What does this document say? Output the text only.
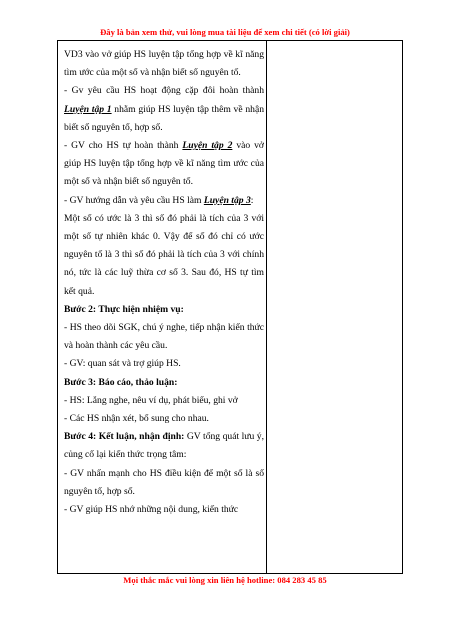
Đây là bản xem thử, vui lòng mua tài liệu để xem chi tiết (có lời giải)

VD3 vào vở giúp HS luyện tập tổng hợp về kĩ năng tìm ước của một số và nhận biết số nguyên tố.

- Gv yêu cầu HS hoạt động cặp đôi hoàn thành Luyện tập 1 nhằm giúp HS luyện tập thêm về nhận biết số nguyên tố, hợp số.

- GV cho HS tự hoàn thành Luyện tập 2 vào vở giúp HS luyện tập tổng hợp về kĩ năng tìm ước của một số và nhận biết số nguyên tố.

- GV hướng dẫn và yêu cầu HS làm Luyện tập 3:

Một số có ước là 3 thì số đó phải là tích của 3 với một số tự nhiên khác 0. Vậy để số đó chỉ có ước nguyên tố là 3 thì số đó phải là tích của 3 với chính nó, tức là các luỹ thừa cơ số 3. Sau đó, HS tự tìm kết quả.

Bước 2: Thực hiện nhiệm vụ:

- HS theo dõi SGK, chú ý nghe, tiếp nhận kiến thức và hoàn thành các yêu cầu.

- GV: quan sát và trợ giúp HS.

Bước 3: Báo cáo, thảo luận:

- HS: Lắng nghe, nêu ví dụ, phát biểu, ghi vở

- Các HS nhận xét, bổ sung cho nhau.

Bước 4: Kết luận, nhận định: GV tổng quát lưu ý, củng cố lại kiến thức trọng tâm:

- GV nhấn mạnh cho HS điều kiện để một số là số nguyên tố, hợp số.

- GV giúp HS nhớ những nội dung, kiến thức

Mọi thắc mắc vui lòng xin liên hệ hotline: 084 283 45 85
